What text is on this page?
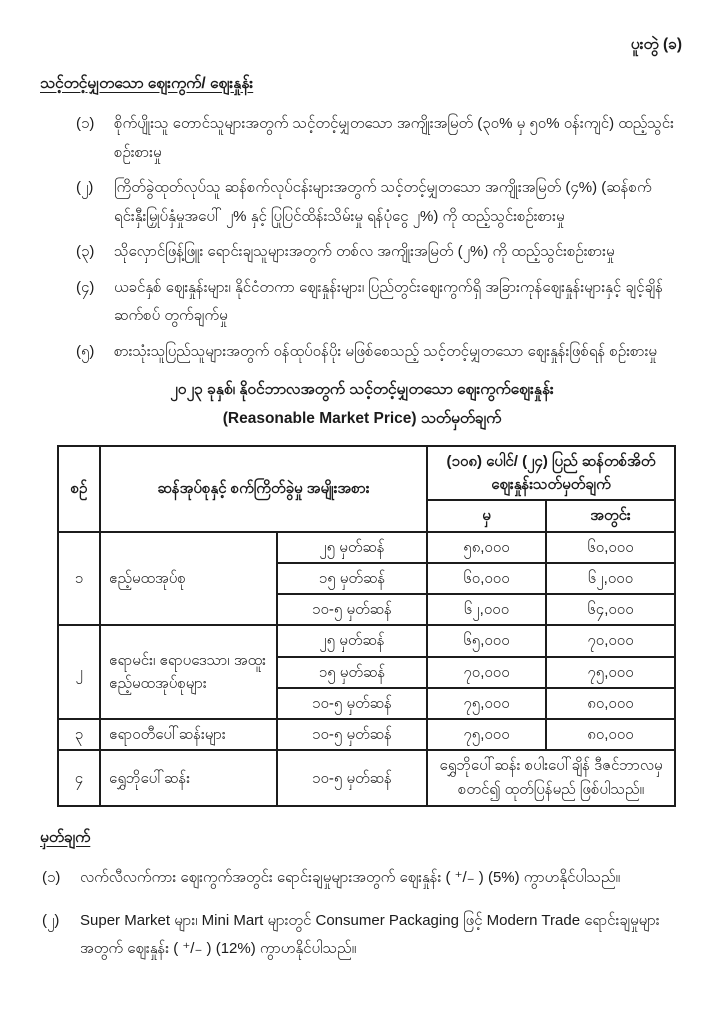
ပူးတွဲ (ခ)
သင့်တင့်မျှတသော ဈေးကွက်/ ဈေးနှုန်း
(၁)	စိုက်ပျိုးသူ တောင်သူများအတွက် သင့်တင့်မျှတသော အကျိုးအမြတ် (၃၀% မှ ၅၀% ဝန်းကျင်) ထည့်သွင်းစဉ်းစားမှု
(၂)	ကြိတ်ခွဲထုတ်လုပ်သူ ဆန်စက်လုပ်ငန်းများအတွက် သင့်တင့်မျှတသော အကျိုးအမြတ် (၄%) (ဆန်စက် ရင်းနှီးမြှုပ်နှံမှုအပေါ် ၂% နှင့် ပြုပြင်ထိန်းသိမ်းမှု ရန်ပုံငွေ ၂%) ကို ထည့်သွင်းစဉ်းစားမှု
(၃)	သိုလှောင်ဖြန့်ဖြူး ရောင်းချသူများအတွက် တစ်လ အကျိုးအမြတ် (၂%) ကို ထည့်သွင်းစဉ်းစားမှု
(၄)	ယခင်နှစ် ဈေးနှုန်းများ၊ နိုင်ငံတကာ ဈေးနှုန်းများ၊ ပြည်တွင်းဈေးကွက်ရှိ အခြားကုန်ဈေးနှုန်းများနှင့် ချင့်ချိန်ဆက်စပ် တွက်ချက်မှု
(၅)	စားသုံးသူပြည်သူများအတွက် ဝန်ထုပ်ဝန်ပိုး မဖြစ်စေသည့် သင့်တင့်မျှတသော ဈေးနှုန်းဖြစ်ရန် စဉ်းစားမှု
၂၀၂၃ ခုနှစ်၊ နိုဝင်ဘာလအတွက် သင့်တင့်မျှတသော ဈေးကွက်ဈေးနှုန်း
(Reasonable Market Price) သတ်မှတ်ချက်
စဉ်	ဆန်အုပ်စုနှင့် စက်ကြိတ်ခွဲမှု အမျိုးအစား		(၁၀၈) ပေါင်/ (၂၄) ပြည် ဆန်တစ်အိတ် ဈေးနှုန်းသတ်မှတ်ချက်	
			မှ	အတွင်း
၁	ဧည့်မထအုပ်စု	၂၅ မှတ်ဆန်	၅၈,၀၀၀	၆၀,၀၀၀
		၁၅ မှတ်ဆန်	၆၀,၀၀၀	၆၂,၀၀၀
		၁၀-၅ မှတ်ဆန်	၆၂,၀၀၀	၆၄,၀၀၀
၂	ဧရာမင်း၊ ဧရာပဒေသာ၊ အထူးဧည့်မထအုပ်စုများ	၂၅ မှတ်ဆန်	၆၅,၀၀၀	၇၀,၀၀၀
		၁၅ မှတ်ဆန်	၇၀,၀၀၀	၇၅,၀၀၀
		၁၀-၅ မှတ်ဆန်	၇၅,၀၀၀	၈၀,၀၀၀
၃	ဧရာဝတီပေါ်ဆန်းများ	၁၀-၅ မှတ်ဆန်	၇၅,၀၀၀	၈၀,၀၀၀
၄	ရွှေဘိုပေါ်ဆန်း	၁၀-၅ မှတ်ဆန်	ရွှေဘိုပေါ်ဆန်း စပါးပေါ်ချိန် ဒီဇင်ဘာလမှ စတင်၍ ထုတ်ပြန်မည် ဖြစ်ပါသည်။	
မှတ်ချက်
(၁)	လက်လီလက်ကား ဈေးကွက်အတွင်း ရောင်းချမှုများအတွက် ဈေးနှုန်း ( ⁺/₋ ) (5%) ကွာဟနိုင်ပါသည်။
(၂)	Super Market များ၊ Mini Mart များတွင် Consumer Packaging ဖြင့် Modern Trade ရောင်းချမှုများ အတွက် ဈေးနှုန်း ( ⁺/₋ ) (12%) ကွာဟနိုင်ပါသည်။
